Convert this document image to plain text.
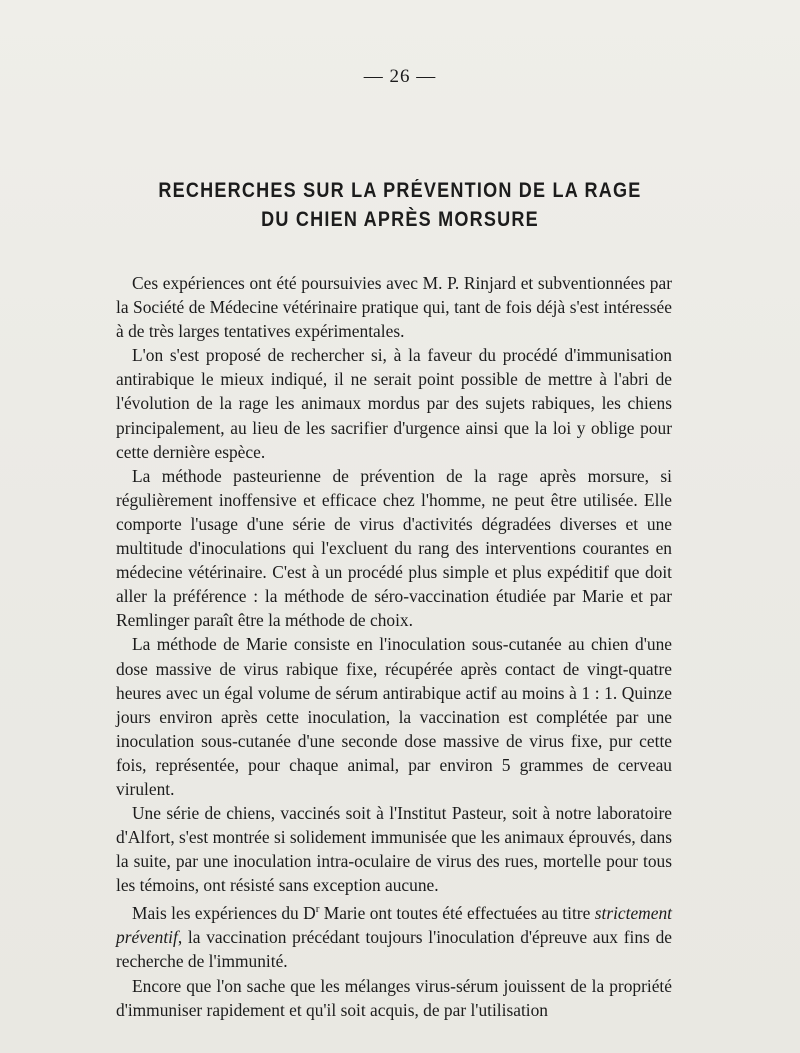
— 26 —
RECHERCHES SUR LA PRÉVENTION DE LA RAGE
DU CHIEN APRÈS MORSURE

Ces expériences ont été poursuivies avec M. P. Rinjard et subventionnées par la Société de Médecine vétérinaire pratique qui, tant de fois déjà s'est intéressée à de très larges tentatives expérimentales.

L'on s'est proposé de rechercher si, à la faveur du procédé d'immunisation antirabique le mieux indiqué, il ne serait point possible de mettre à l'abri de l'évolution de la rage les animaux mordus par des sujets rabiques, les chiens principalement, au lieu de les sacrifier d'urgence ainsi que la loi y oblige pour cette dernière espèce.

La méthode pasteurienne de prévention de la rage après morsure, si régulièrement inoffensive et efficace chez l'homme, ne peut être utilisée. Elle comporte l'usage d'une série de virus d'activités dégradées diverses et une multitude d'inoculations qui l'excluent du rang des interventions courantes en médecine vétérinaire. C'est à un procédé plus simple et plus expéditif que doit aller la préférence : la méthode de séro-vaccination étudiée par Marie et par Remlinger paraît être la méthode de choix.

La méthode de Marie consiste en l'inoculation sous-cutanée au chien d'une dose massive de virus rabique fixe, récupérée après contact de vingt-quatre heures avec un égal volume de sérum antirabique actif au moins à 1 : 1. Quinze jours environ après cette inoculation, la vaccination est complétée par une inoculation sous-cutanée d'une seconde dose massive de virus fixe, pur cette fois, représentée, pour chaque animal, par environ 5 grammes de cerveau virulent.

Une série de chiens, vaccinés soit à l'Institut Pasteur, soit à notre laboratoire d'Alfort, s'est montrée si solidement immunisée que les animaux éprouvés, dans la suite, par une inoculation intra-oculaire de virus des rues, mortelle pour tous les témoins, ont résisté sans exception aucune.

Mais les expériences du $D^r$ Marie ont toutes été effectuées au titre strictement préventif, la vaccination précédant toujours l'inoculation d'épreuve aux fins de recherche de l'immunité.

Encore que l'on sache que les mélanges virus-sérum jouissent de la propriété d'immuniser rapidement et qu'il soit acquis, de par l'utilisation
